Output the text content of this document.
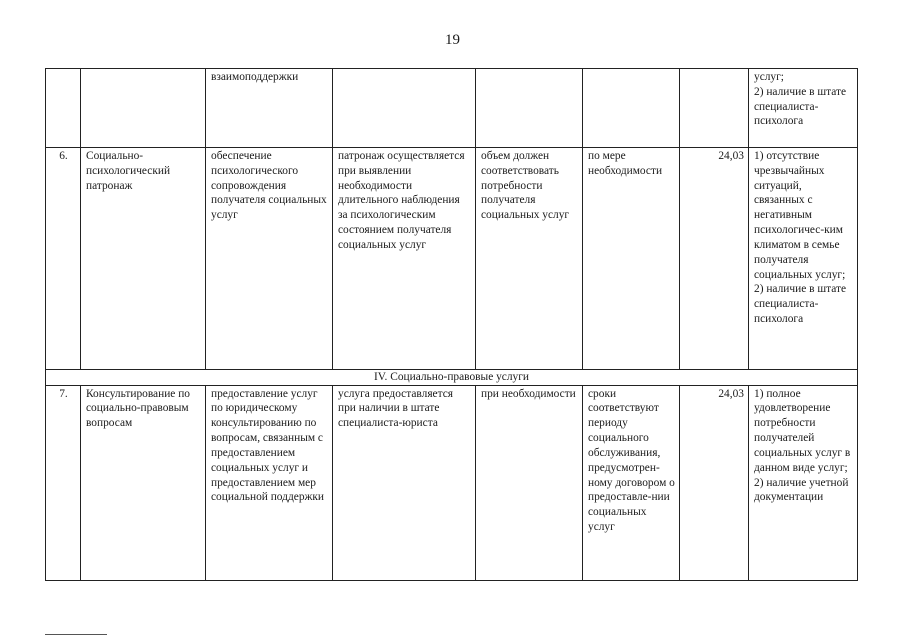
19
		взаимоподдержки					услуг;
2) наличие в штате специалиста-психолога
6.	Социально-психологический патронаж	обеспечение психологического сопровождения получателя социальных услуг	патронаж осуществляется при выявлении необходимости длительного наблюдения за психологическим состоянием получателя социальных услуг	объем должен соответствовать потребности получателя социальных услуг	по мере необходимости	24,03	1) отсутствие чрезвычайных ситуаций, связанных с негативным психологичес-ким климатом в семье получателя социальных услуг;
2) наличие в штате специалиста-психолога
IV. Социально-правовые услуги							
7.	Консультирование по социально-правовым вопросам	предоставление услуг по юридическому консультированию по вопросам, связанным с предоставлением социальных услуг и предоставлением мер социальной поддержки	услуга предоставляется при наличии в штате специалиста-юриста	при необходимости	сроки соответствуют периоду социального обслуживания, предусмотрен-ному договором о предоставле-нии социальных услуг	24,03	1) полное удовлетворение потребности получателей социальных услуг в данном виде услуг;
2) наличие учетной документации
